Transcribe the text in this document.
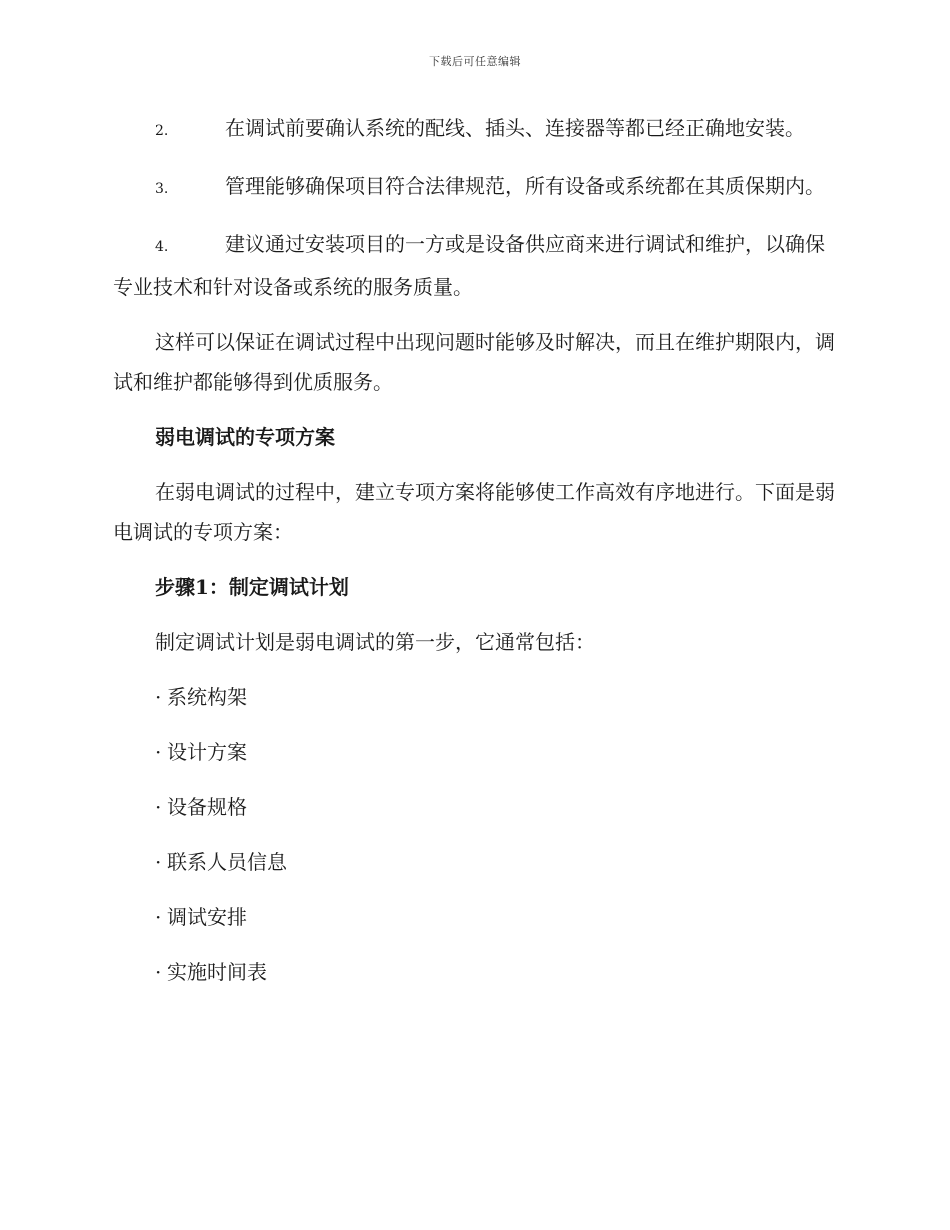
下载后可任意编辑

2.	在调试前要确认系统的配线、插头、连接器等都已经正确地安装。

3.	管理能够确保项目符合法律规范，所有设备或系统都在其质保期内。

4.	建议通过安装项目的一方或是设备供应商来进行调试和维护，以确保专业技术和针对设备或系统的服务质量。

这样可以保证在调试过程中出现问题时能够及时解决，而且在维护期限内，调试和维护都能够得到优质服务。

弱电调试的专项方案

在弱电调试的过程中，建立专项方案将能够使工作高效有序地进行。下面是弱电调试的专项方案：

步骤1：制定调试计划

制定调试计划是弱电调试的第一步，它通常包括：

· 系统构架

· 设计方案

· 设备规格

· 联系人员信息

· 调试安排

· 实施时间表
